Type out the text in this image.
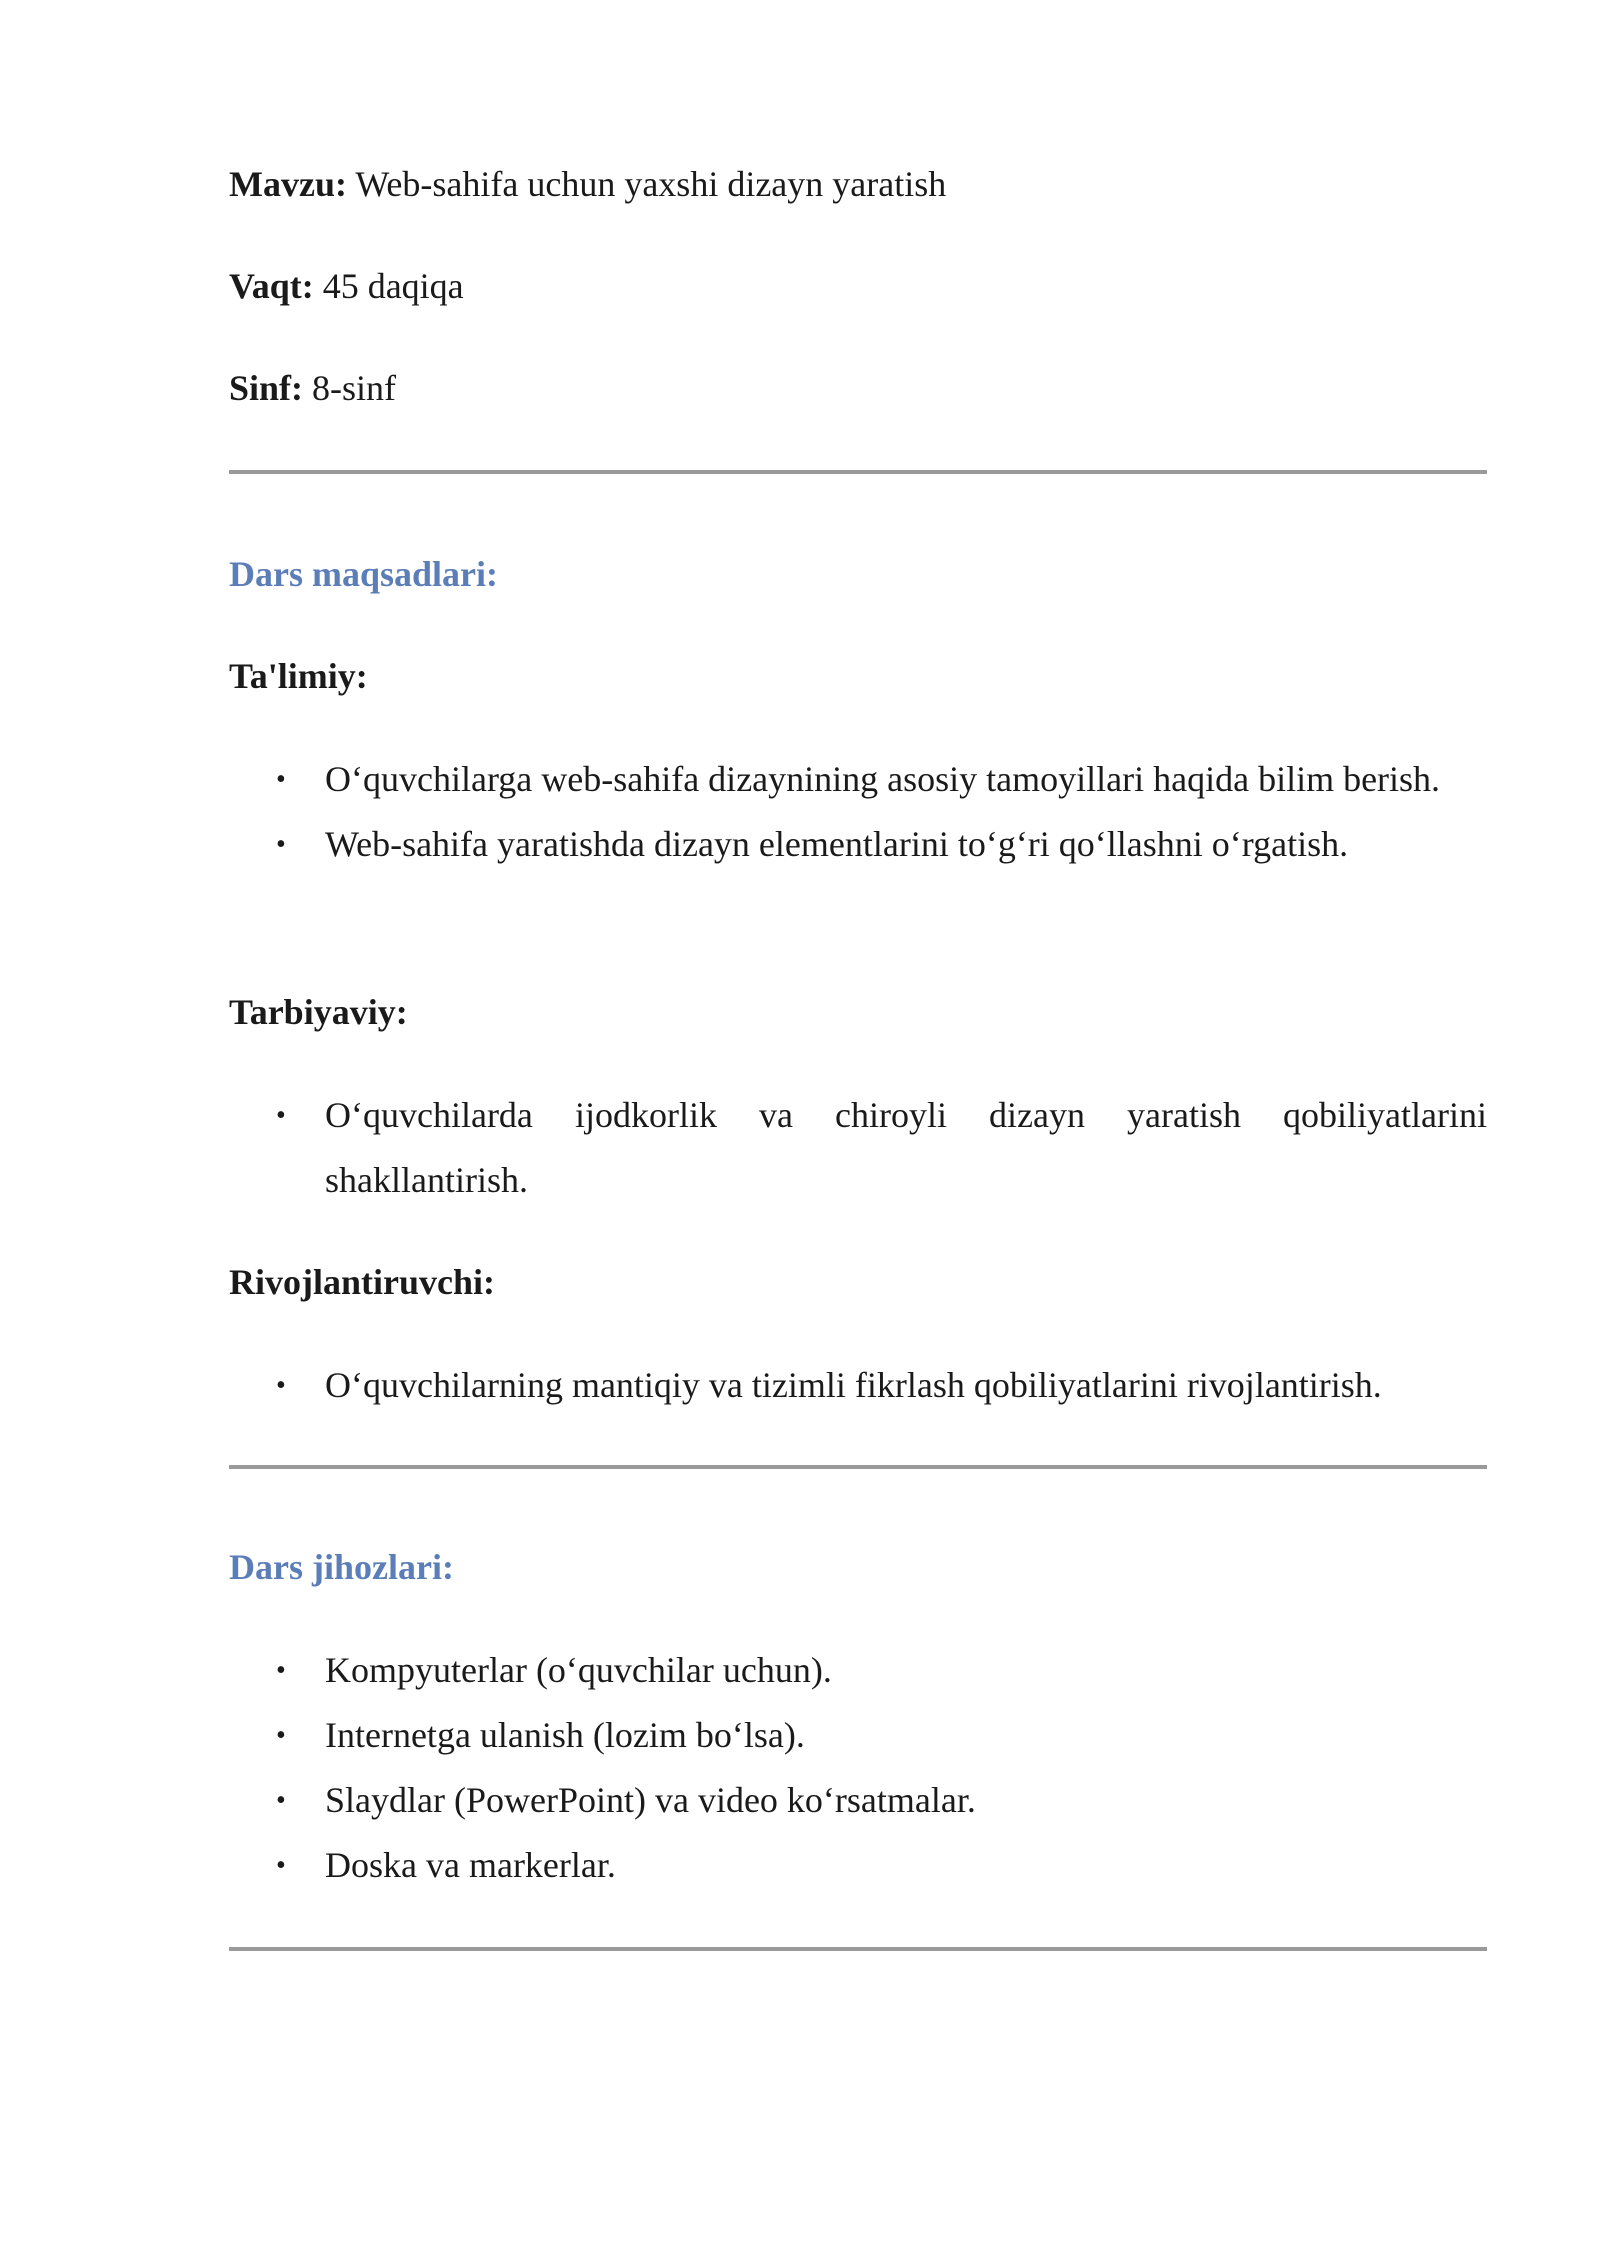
Mavzu: Web-sahifa uchun yaxshi dizayn yaratish
Vaqt: 45 daqiqa
Sinf: 8-sinf
Dars maqsadlari:
Ta'limiy:
• O‘quvchilarga web-sahifa dizaynining asosiy tamoyillari haqida bilim berish.
• Web-sahifa yaratishda dizayn elementlarini to‘g‘ri qo‘llashni o‘rgatish.
Tarbiyaviy:
• O‘quvchilarda ijodkorlik va chiroyli dizayn yaratish qobiliyatlarini shakllantirish.
Rivojlantiruvchi:
• O‘quvchilarning mantiqiy va tizimli fikrlash qobiliyatlarini rivojlantirish.
Dars jihozlari:
• Kompyuterlar (o‘quvchilar uchun).
• Internetga ulanish (lozim bo‘lsa).
• Slaydlar (PowerPoint) va video ko‘rsatmalar.
• Doska va markerlar.
